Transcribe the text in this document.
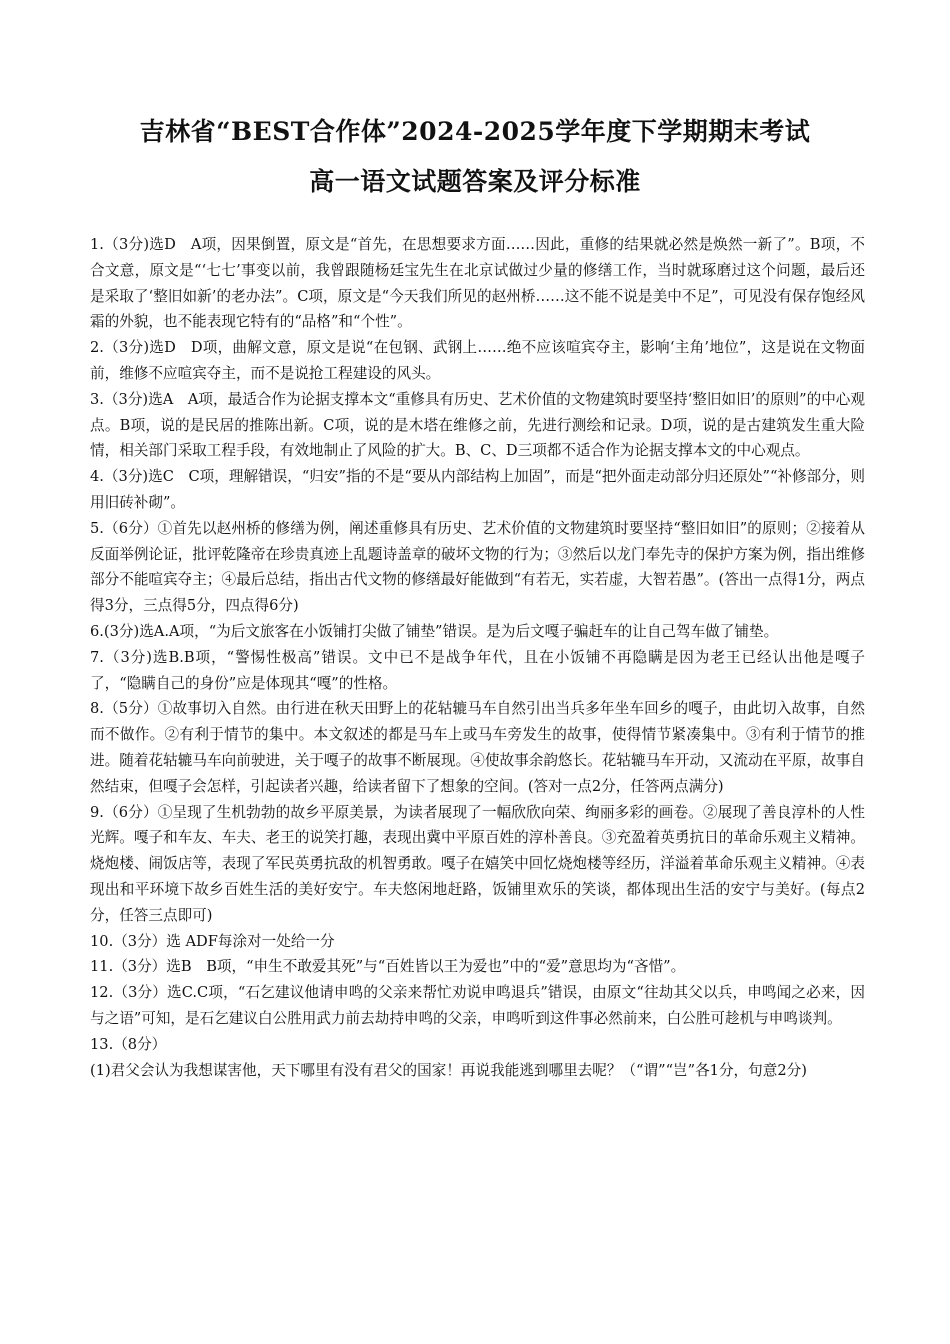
吉林省“BEST合作体”2024-2025学年度下学期期末考试
高一语文试题答案及评分标准

1.（3分)选D　A项，因果倒置，原文是“首先，在思想要求方面……因此，重修的结果就必然是焕然一新了”。B项，不合文意，原文是“‘七七’事变以前，我曾跟随杨廷宝先生在北京试做过少量的修缮工作，当时就琢磨过这个问题，最后还是采取了‘整旧如新’的老办法”。C项，原文是“今天我们所见的赵州桥……这不能不说是美中不足”，可见没有保存饱经风霜的外貌，也不能表现它特有的“品格”和“个性”。

2.（3分)选D　D项，曲解文意，原文是说“在包钢、武钢上……绝不应该喧宾夺主，影响‘主角’地位”，这是说在文物面前，维修不应喧宾夺主，而不是说抢工程建设的风头。

3.（3分)选A　A项，最适合作为论据支撑本文“重修具有历史、艺术价值的文物建筑时要坚持‘整旧如旧’的原则”的中心观点。B项，说的是民居的推陈出新。C项，说的是木塔在维修之前，先进行测绘和记录。D项，说的是古建筑发生重大险情，相关部门采取工程手段，有效地制止了风险的扩大。B、C、D三项都不适合作为论据支撑本文的中心观点。

4.（3分)选C　C项，理解错误，“归安”指的不是“要从内部结构上加固”，而是“把外面走动部分归还原处”“补修部分，则用旧砖补砌”。

5.（6分）①首先以赵州桥的修缮为例，阐述重修具有历史、艺术价值的文物建筑时要坚持“整旧如旧”的原则；②接着从反面举例论证，批评乾隆帝在珍贵真迹上乱题诗盖章的破坏文物的行为；③然后以龙门奉先寺的保护方案为例，指出维修部分不能喧宾夺主；④最后总结，指出古代文物的修缮最好能做到“有若无，实若虚，大智若愚”。(答出一点得1分，两点得3分，三点得5分，四点得6分)

6.(3分)选A.A项，“为后文旅客在小饭铺打尖做了铺垫”错误。是为后文嘎子骗赶车的让自己驾车做了铺垫。

7.（3分)选B.B项，“警惕性极高”错误。文中已不是战争年代，且在小饭铺不再隐瞒是因为老王已经认出他是嘎子了，“隐瞒自己的身份”应是体现其“嘎”的性格。

8.（5分）①故事切入自然。由行进在秋天田野上的花轱辘马车自然引出当兵多年坐车回乡的嘎子，由此切入故事，自然而不做作。②有利于情节的集中。本文叙述的都是马车上或马车旁发生的故事，使得情节紧凑集中。③有利于情节的推进。随着花轱辘马车向前驶进，关于嘎子的故事不断展现。④使故事余韵悠长。花轱辘马车开动，又流动在平原，故事自然结束，但嘎子会怎样，引起读者兴趣，给读者留下了想象的空间。(答对一点2分，任答两点满分)

9.（6分）①呈现了生机勃勃的故乡平原美景，为读者展现了一幅欣欣向荣、绚丽多彩的画卷。②展现了善良淳朴的人性光辉。嘎子和车友、车夫、老王的说笑打趣，表现出冀中平原百姓的淳朴善良。③充盈着英勇抗日的革命乐观主义精神。烧炮楼、闹饭店等，表现了军民英勇抗敌的机智勇敢。嘎子在嬉笑中回忆烧炮楼等经历，洋溢着革命乐观主义精神。④表现出和平环境下故乡百姓生活的美好安宁。车夫悠闲地赶路，饭铺里欢乐的笑谈，都体现出生活的安宁与美好。(每点2分，任答三点即可)

10.（3分）选 ADF每涂对一处给一分

11.（3分）选B　B项，“申生不敢爱其死”与“百姓皆以王为爱也”中的“爱”意思均为“吝惜”。

12.（3分）选C.C项，“石乞建议他请申鸣的父亲来帮忙劝说申鸣退兵”错误，由原文“往劫其父以兵，申鸣闻之必来，因与之语”可知，是石乞建议白公胜用武力前去劫持申鸣的父亲，申鸣听到这件事必然前来，白公胜可趁机与申鸣谈判。

13.（8分）

(1)君父会认为我想谋害他，天下哪里有没有君父的国家！再说我能逃到哪里去呢？（“谓”“岂”各1分，句意2分)
